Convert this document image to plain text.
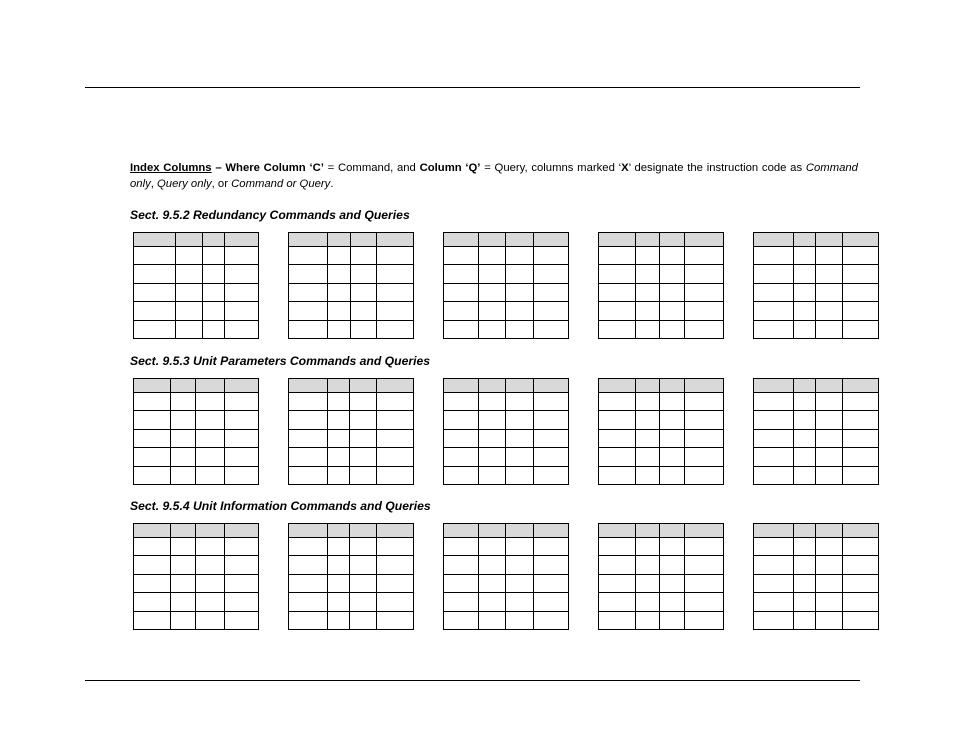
Index Columns – Where Column ‘C’ = Command, and Column ‘Q’ = Query, columns marked ‘X’ designate the instruction code as Command only, Query only, or Command or Query.

Sect. 9.5.2 Redundancy Commands and Queries

Sect. 9.5.3 Unit Parameters Commands and Queries

Sect. 9.5.4 Unit Information Commands and Queries
